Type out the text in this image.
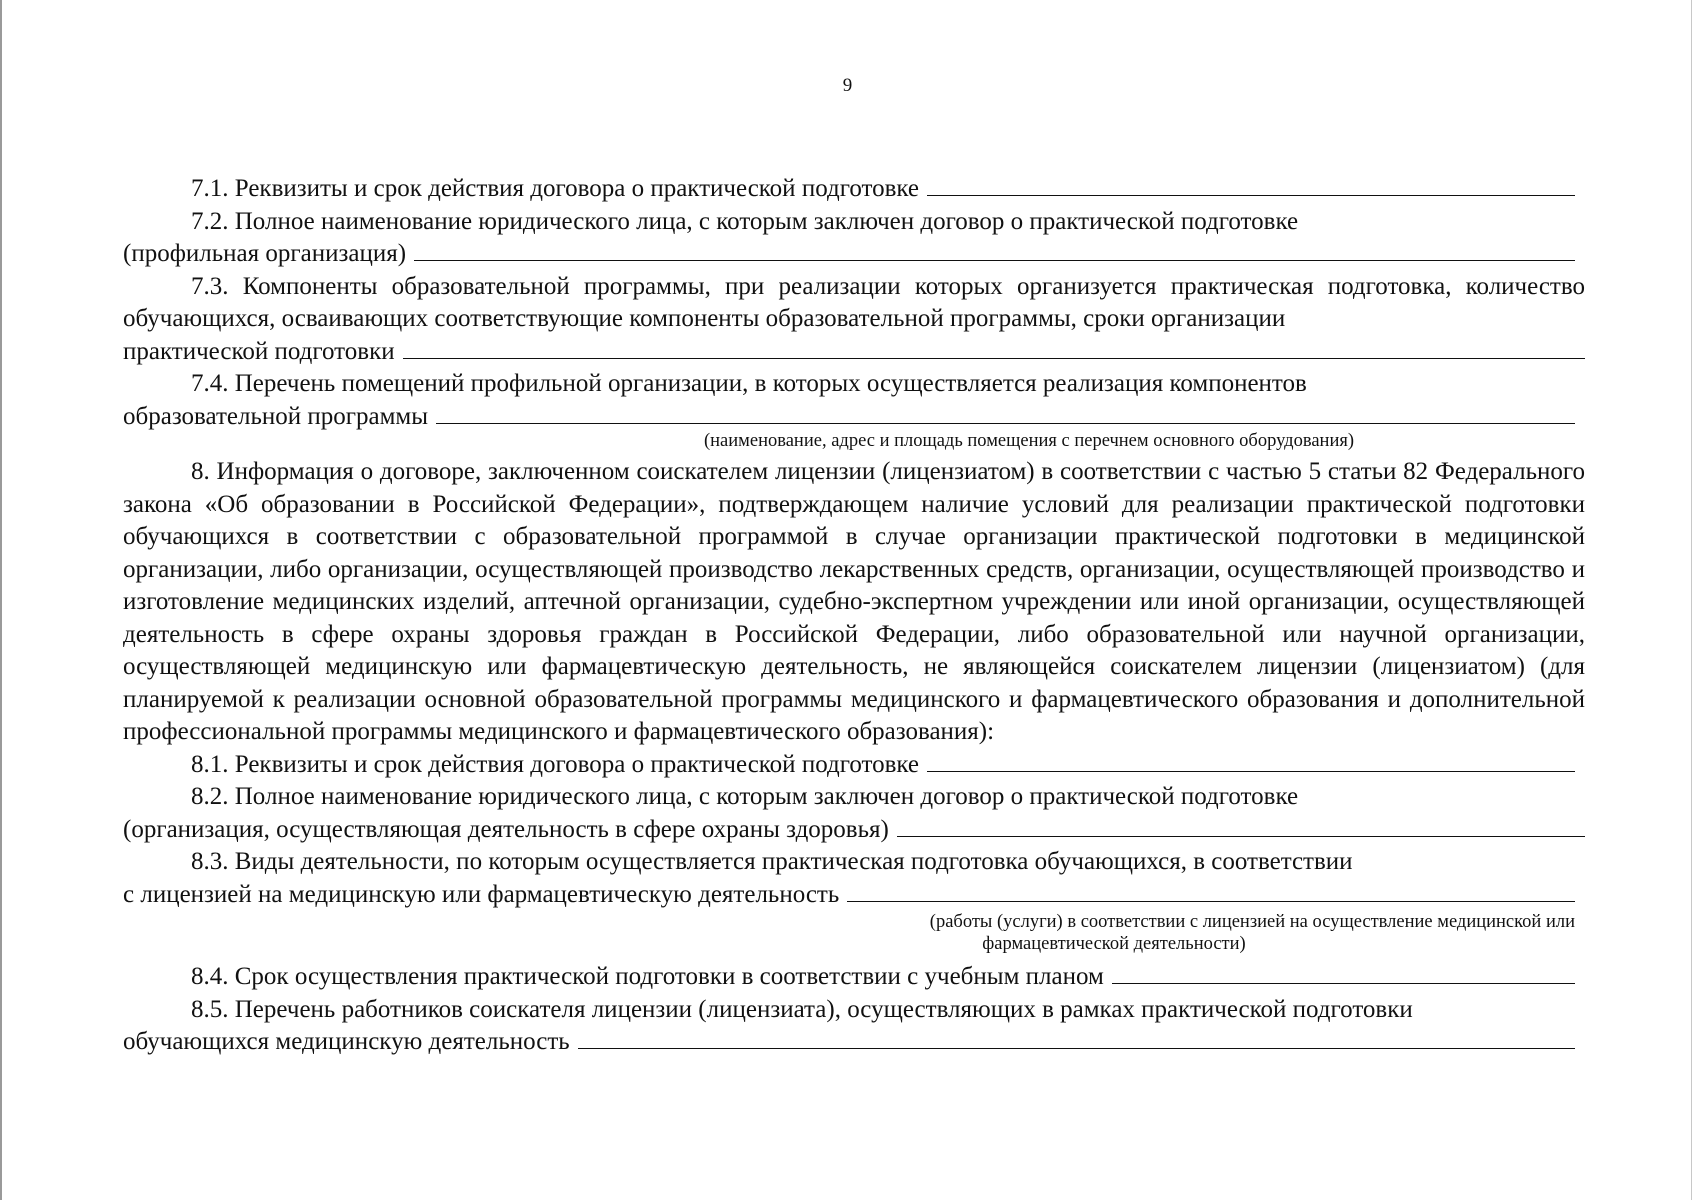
9
7.1. Реквизиты и срок действия договора о практической подготовке

7.2. Полное наименование юридического лица, с которым заключен договор о практической подготовке

(профильная организация)

7.3. Компоненты образовательной программы, при реализации которых организуется практическая подготовка, количество обучающихся, осваивающих соответствующие компоненты образовательной программы, сроки организации

практической подготовки

7.4. Перечень помещений профильной организации, в которых осуществляется реализация компонентов

образовательной программы
(наименование, адрес и площадь помещения с перечнем основного оборудования)

8. Информация о договоре, заключенном соискателем лицензии (лицензиатом) в соответствии с частью 5 статьи 82 Федерального закона «Об образовании в Российской Федерации», подтверждающем наличие условий для реализации практической подготовки обучающихся в соответствии с образовательной программой в случае организации практической подготовки в медицинской организации, либо организации, осуществляющей производство лекарственных средств, организации, осуществляющей производство и изготовление медицинских изделий, аптечной организации, судебно-экспертном учреждении или иной организации, осуществляющей деятельность в сфере охраны здоровья граждан в Российской Федерации, либо образовательной или научной организации, осуществляющей медицинскую или фармацевтическую деятельность, не являющейся соискателем лицензии (лицензиатом) (для планируемой к реализации основной образовательной программы медицинского и фармацевтического образования и дополнительной профессиональной программы медицинского и фармацевтического образования):

8.1. Реквизиты и срок действия договора о практической подготовке

8.2. Полное наименование юридического лица, с которым заключен договор о практической подготовке

(организация, осуществляющая деятельность в сфере охраны здоровья)

8.3. Виды деятельности, по которым осуществляется практическая подготовка обучающихся, в соответствии

с лицензией на медицинскую или фармацевтическую деятельность
(работы (услуги) в соответствии с лицензией на осуществление медицинской или
фармацевтической деятельности)
8.4. Срок осуществления практической подготовки в соответствии с учебным планом

8.5. Перечень работников соискателя лицензии (лицензиата), осуществляющих в рамках практической подготовки

обучающихся медицинскую деятельность
